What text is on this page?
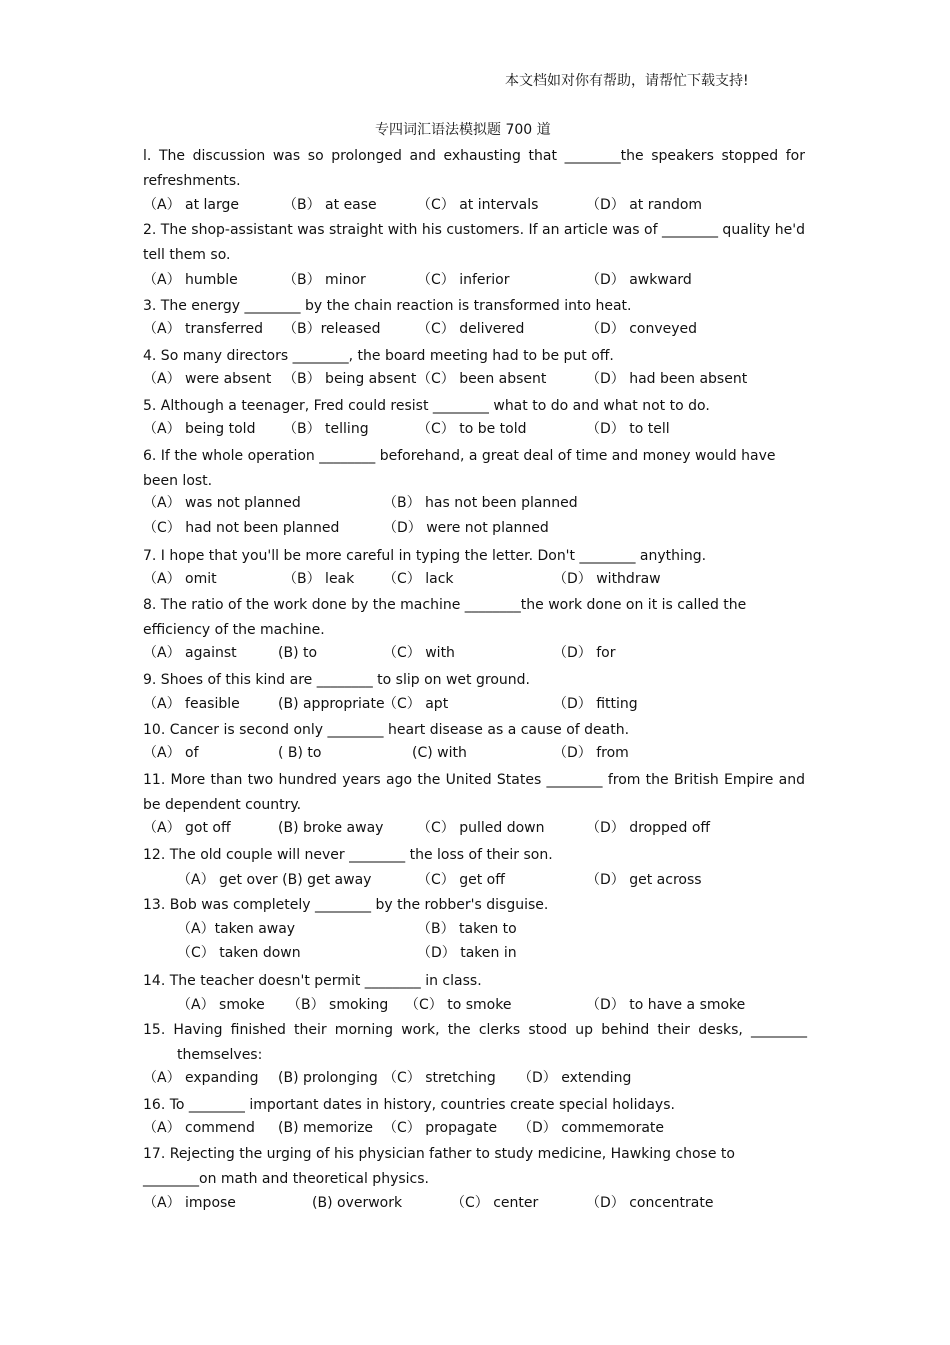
本文档如对你有帮助，请帮忙下载支持!
专四词汇语法模拟题 700 道
l. The discussion was so prolonged and exhausting that ________the speakers stopped for refreshments.
（A） at large	（B） at ease	（C） at intervals	（D） at random
2. The shop-assistant was straight with his customers. If an article was of ________ quality he'd tell them so.
（A） humble	（B） minor	（C） inferior	（D） awkward
3. The energy ________ by the chain reaction is transformed into heat.
（A） transferred （B）released	（C） delivered	（D） conveyed
4. So many directors ________, the board meeting had to be put off.
（A） were absent （B） being absent （C） been absent	（D） had been absent
5. Although a teenager, Fred could resist ________ what to do and what not to do.
（A） being told （B） telling	（C） to be told	（D） to tell
6. If the whole operation ________ beforehand, a great deal of time and money would have been lost.
（A） was not planned	（B） has not been planned
（C） had not been planned	（D） were not planned
7. I hope that you'll be more careful in typing the letter. Don't ________ anything.
（A） omit	（B） leak （C） lack	（D） withdraw
8. The ratio of the work done by the machine ________the work done on it is called the efficiency of the machine.
（A） against	(B) to	（C） with	（D） for
9. Shoes of this kind are ________ to slip on wet ground.
（A） feasible	(B) appropriate
（C） apt	（D） fitting
10. Cancer is second only ________ heart disease as a cause of death.
（A） of	( B) to	(C) with	（D） from
11. More than two hundred years ago the United States ________ from the British Empire and be dependent country.
（A） got off	(B) broke away （C） pulled down	（D） dropped off
12. The old couple will never ________ the loss of their son.
（A） get over (B) get away	（C） get off	（D） get across
13. Bob was completely ________ by the robber's disguise.
（A）taken away	（B） taken to
（C） taken down	（D） taken in
14. The teacher doesn't permit ________ in class.
（A） smoke （B） smoking （C） to smoke	（D） to have a smoke
15. Having finished their morning work, the clerks stood up behind their desks, ________
themselves:
（A） expanding (B) prolonging （C） stretching （D） extending
16. To ________ important dates in history, countries create special holidays.
（A） commend (B) memorize （C） propagate （D） commemorate
17. Rejecting the urging of his physician father to study medicine, Hawking chose to ________on math and theoretical physics.
（A） impose	(B) overwork	（C） center	（D） concentrate
